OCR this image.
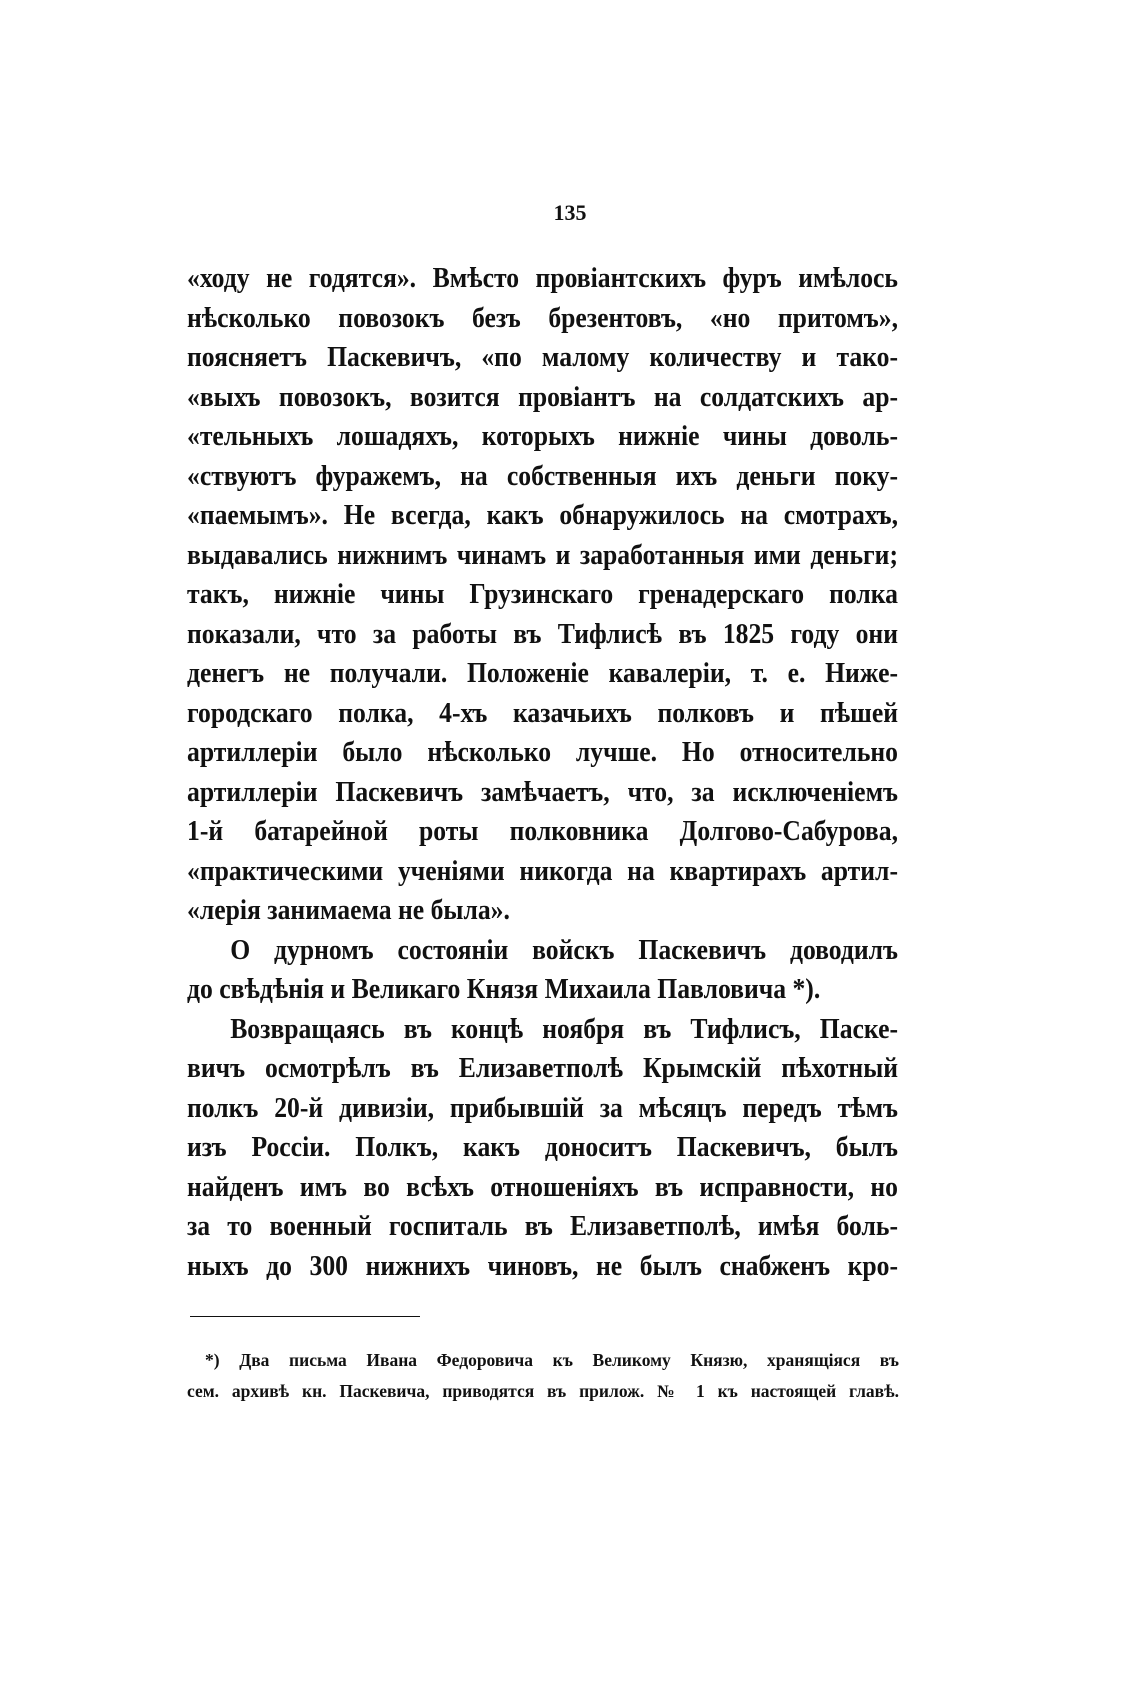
135
«ходу не годятся». Вмѣсто провіантскихъ фуръ имѣлось
нѣсколько повозокъ безъ брезентовъ, «но притомъ»,
поясняетъ Паскевичъ, «по малому количеству и тако-
«выхъ повозокъ, возится провіантъ на солдатскихъ ар-
«тельныхъ лошадяхъ, которыхъ нижніе чины доволь-
«ствуютъ фуражемъ, на собственныя ихъ деньги поку-
«паемымъ». Не всегда, какъ обнаружилось на смотрахъ,
выдавались нижнимъ чинамъ и заработанныя ими деньги;
такъ, нижніе чины Грузинскаго гренадерскаго полка
показали, что за работы въ Тифлисѣ въ 1825 году они
денегъ не получали. Положеніе кавалеріи, т. е. Ниже-
городскаго полка, 4-хъ казачьихъ полковъ и пѣшей
артиллеріи было нѣсколько лучше. Но относительно
артиллеріи Паскевичъ замѣчаетъ, что, за исключеніемъ
1-й батарейной роты полковника Долгово-Сабурова,
«практическими ученіями никогда на квартирахъ артил-
«лерія занимаема не была».
О дурномъ состояніи войскъ Паскевичъ доводилъ
до свѣдѣнія и Великаго Князя Михаила Павловича *).
Возвращаясь въ концѣ ноября въ Тифлисъ, Паске-
вичъ осмотрѣлъ въ Елизаветполѣ Крымскій пѣхотный
полкъ 20-й дивизіи, прибывшій за мѣсяцъ передъ тѣмъ
изъ Россіи. Полкъ, какъ доноситъ Паскевичъ, былъ
найденъ имъ во всѣхъ отношеніяхъ въ исправности, но
за то военный госпиталь въ Елизаветполѣ, имѣя боль-
ныхъ до 300 нижнихъ чиновъ, не былъ снабженъ кро-
*) Два письма Ивана Федоровича къ Великому Князю, хранящіяся въ
сем. архивѣ кн. Паскевича, приводятся въ прилож. № 1 къ настоящей главѣ.
